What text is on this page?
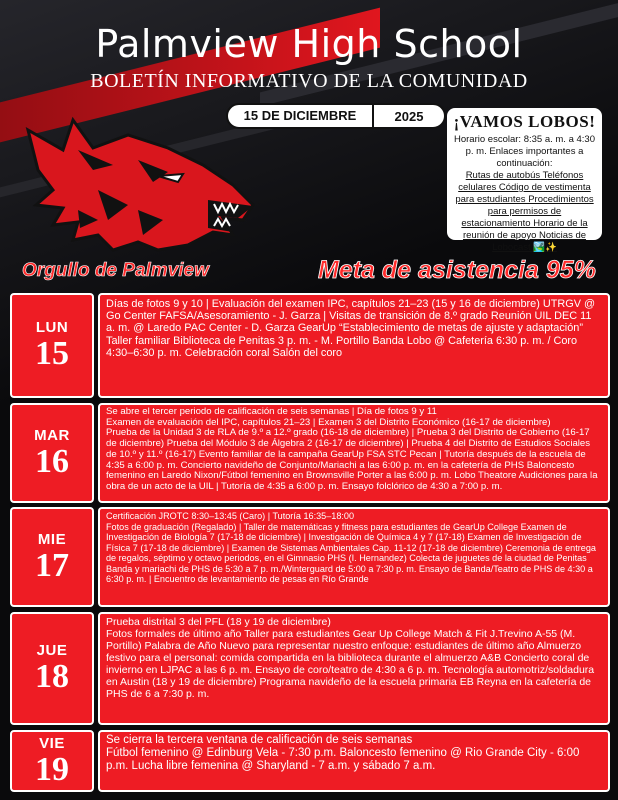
Palmview High School
BOLETÍN INFORMATIVO DE LA COMUNIDAD
15 DE DICIEMBRE	2025	¡VAMOS LOBOS!
Horario escolar: 8:35 a. m. a 4:30 p. m. Enlaces importantes a continuación:
Rutas de autobús Teléfonos celulares Código de vestimenta para estudiantes Procedimientos para permisos de estacionamiento Horario de la reunión de apoyo Noticias de Lobocast 🏞️✨
Orgullo de Palmview	Meta de asistencia 95%
LUN
15

Días de fotos 9 y 10 | Evaluación del examen IPC, capítulos 21–23 (15 y 16 de diciembre) UTRGV @ Go Center FAFSA/Asesoramiento - J. Garza | Visitas de transición de 8.º grado Reunión UIL DEC 11 a. m. @ Laredo PAC Center - D. Garza GearUp “Establecimiento de metas de ajuste y adaptación” Taller familiar Biblioteca de Penitas 3 p. m. - M. Portillo Banda Lobo @ Cafetería 6:30 p. m. / Coro 4:30–6:30 p. m. Celebración coral Salón del coro

MAR
16

Se abre el tercer periodo de calificación de seis semanas | Día de fotos 9 y 11

Examen de evaluación del IPC, capítulos 21–23 | Examen 3 del Distrito Económico (16-17 de diciembre)

Prueba de la Unidad 3 de RLA de 9.º a 12.º grado (16-18 de diciembre) | Prueba 3 del Distrito de Gobierno (16-17 de diciembre) Prueba del Módulo 3 de Álgebra 2 (16-17 de diciembre) | Prueba 4 del Distrito de Estudios Sociales de 10.º y 11.º (16-17) Evento familiar de la campaña GearUp FSA STC Pecan | Tutoría después de la escuela de 4:35 a 6:00 p. m. Concierto navideño de Conjunto/Mariachi a las 6:00 p. m. en la cafetería de PHS Baloncesto femenino en Laredo Nixon/Fútbol femenino en Brownsville Porter a las 6:00 p. m. Lobo Theatore Audiciones para la obra de un acto de la UIL | Tutoría de 4:35 a 6:00 p. m. Ensayo folclórico de 4:30 a 7:00 p. m.

MIE
17

Certificación JROTC 8:30–13:45 (Caro) | Tutoría 16:35–18:00

Fotos de graduación (Regalado) | Taller de matemáticas y fitness para estudiantes de GearUp College Examen de Investigación de Biología 7 (17-18 de diciembre) | Investigación de Química 4 y 7 (17-18) Examen de Investigación de Física 7 (17-18 de diciembre) | Examen de Sistemas Ambientales Cap. 11-12 (17-18 de diciembre) Ceremonia de entrega de regalos, séptimo y octavo periodos, en el Gimnasio PHS (I. Hernandez) Colecta de juguetes de la ciudad de Penitas Banda y mariachi de PHS de 5:30 a 7 p. m./Winterguard de 5:00 a 7:30 p. m. Ensayo de Banda/Teatro de PHS de 4:30 a 6:30 p. m. | Encuentro de levantamiento de pesas en Río Grande

JUE
18

Prueba distrital 3 del PFL (18 y 19 de diciembre)

Fotos formales de último año Taller para estudiantes Gear Up College Match & Fit J.Trevino A-55 (M. Portillo) Palabra de Año Nuevo para representar nuestro enfoque: estudiantes de último año Almuerzo festivo para el personal: comida compartida en la biblioteca durante el almuerzo A&B Concierto coral de invierno en LJPAC a las 6 p. m. Ensayo de coro/teatro de 4:30 a 6 p. m. Tecnología automotriz/soldadura en Austin (18 y 19 de diciembre) Programa navideño de la escuela primaria EB Reyna en la cafetería de PHS de 6 a 7:30 p. m.

VIE
19

Se cierra la tercera ventana de calificación de seis semanas

Fútbol femenino @ Edinburg Vela - 7:30 p.m. Baloncesto femenino @ Rio Grande City - 6:00 p.m. Lucha libre femenina @ Sharyland - 7 a.m. y sábado 7 a.m.
